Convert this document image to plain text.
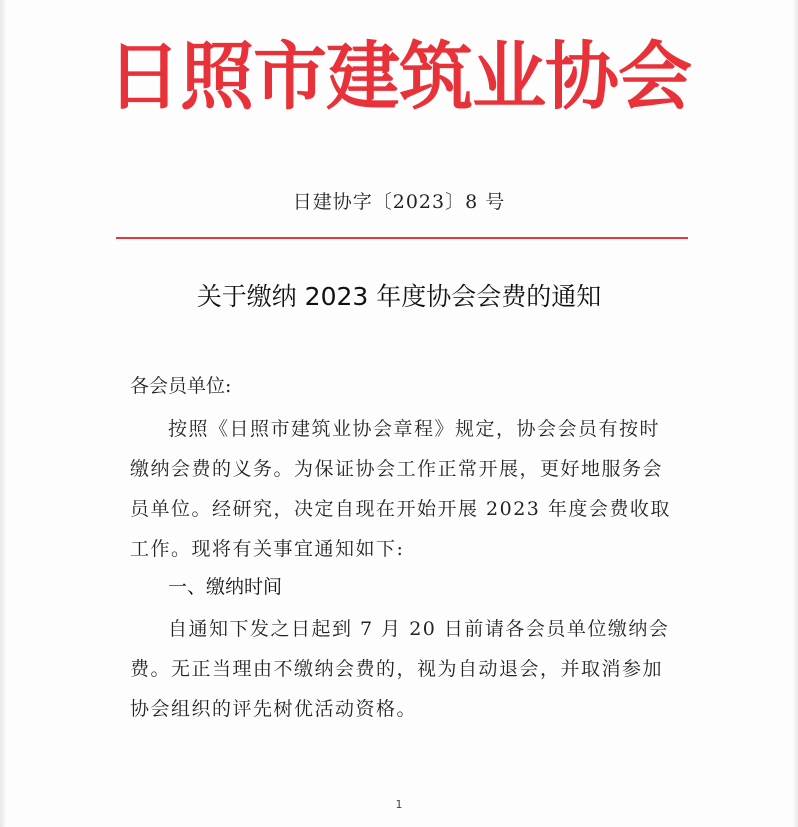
日照市建筑业协会
日建协字〔2023〕8 号
关于缴纳 2023 年度协会会费的通知
各会员单位:
按照《日照市建筑业协会章程》规定，协会会员有按时
缴纳会费的义务。为保证协会工作正常开展，更好地服务会
员单位。经研究，决定自现在开始开展 2023 年度会费收取
工作。现将有关事宜通知如下:
一、缴纳时间
自通知下发之日起到 7 月 20 日前请各会员单位缴纳会
费。无正当理由不缴纳会费的，视为自动退会，并取消参加
协会组织的评先树优活动资格。
1
